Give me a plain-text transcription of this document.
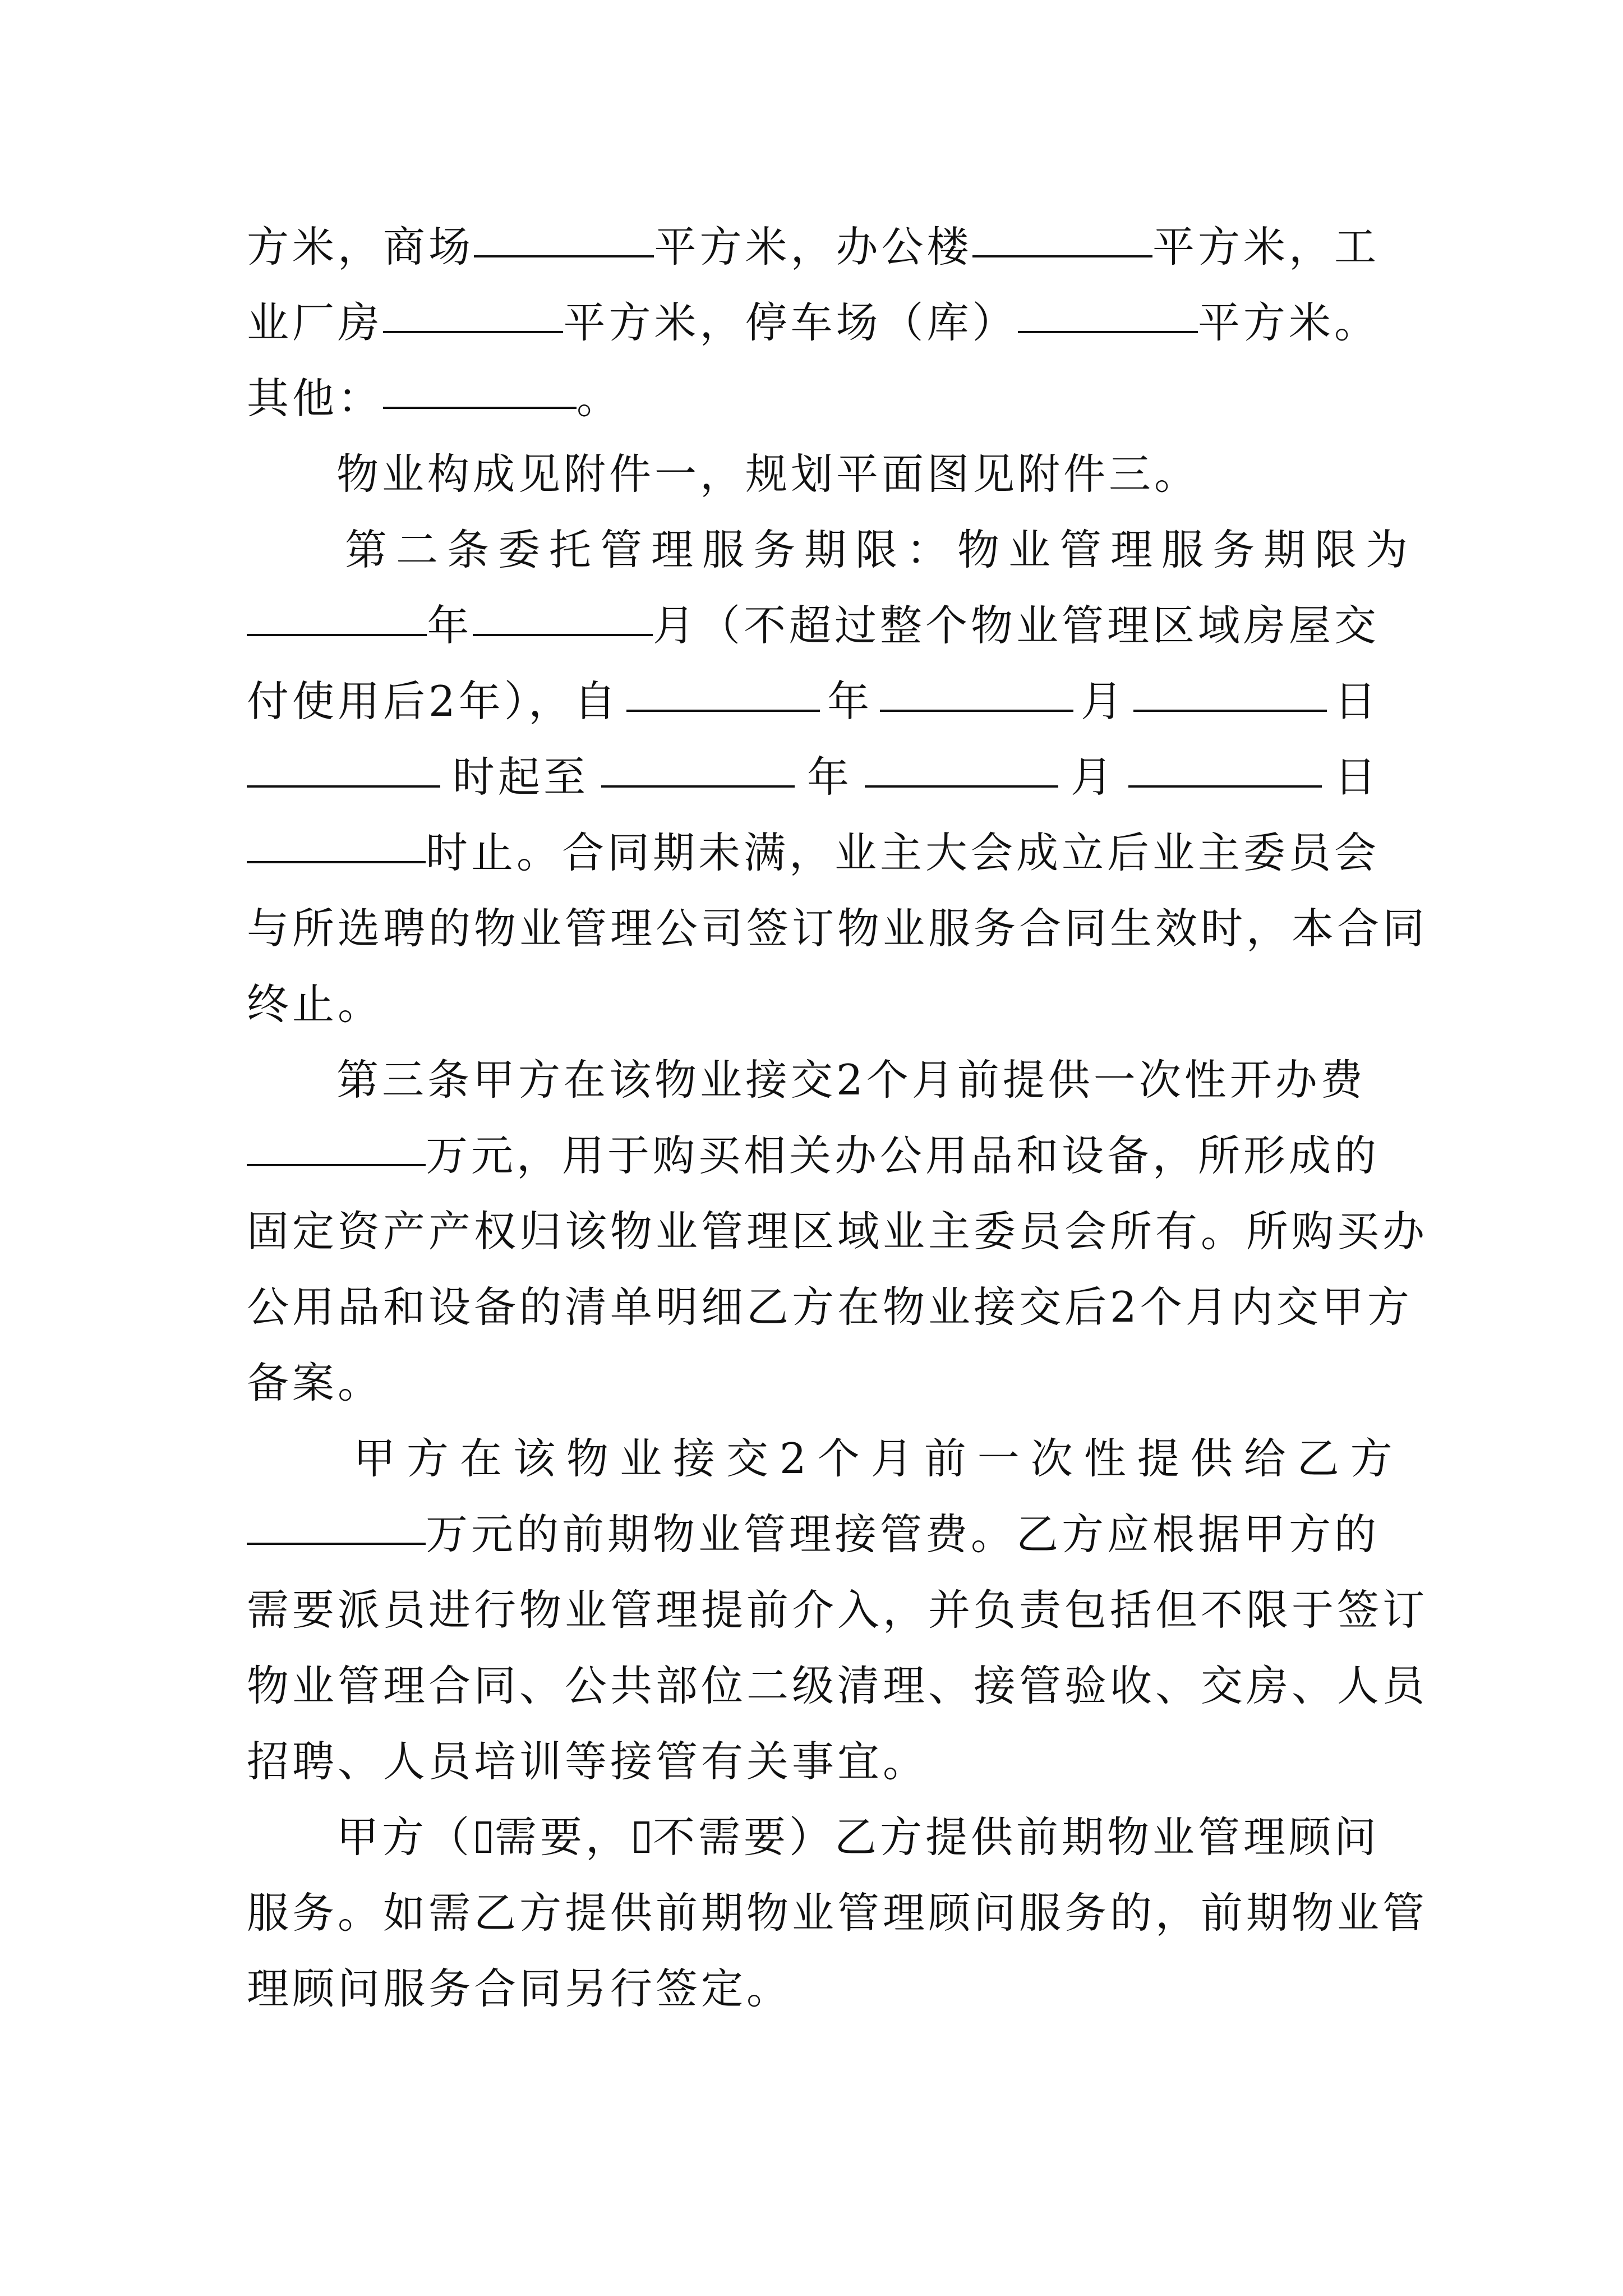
方米，商场	平方米，办公楼	平方米，工
业厂房	平方米，停车场（库）	平方米。
其他：	。
物业构成见附件一，规划平面图见附件三。
第二条委托管理服务期限：物业管理服务期限为
年	月（不超过整个物业管理区域房屋交
付使用后2年），自	年	月	日
时起至	年	月	日
时止。合同期未满，业主大会成立后业主委员会
与所选聘的物业管理公司签订物业服务合同生效时，本合同
终止。
第三条甲方在该物业接交2个月前提供一次性开办费
万元，用于购买相关办公用品和设备，所形成的
固定资产产权归该物业管理区域业主委员会所有。所购买办
公用品和设备的清单明细乙方在物业接交后2个月内交甲方
备案。
甲方在该物业接交2个月前一次性提供给乙方
万元的前期物业管理接管费。乙方应根据甲方的
需要派员进行物业管理提前介入，并负责包括但不限于签订
物业管理合同、公共部位二级清理、接管验收、交房、人员
招聘、人员培训等接管有关事宜。
甲方（ 需要， 不需要）乙方提供前期物业管理顾问
服务。如需乙方提供前期物业管理顾问服务的，前期物业管
理顾问服务合同另行签定。
